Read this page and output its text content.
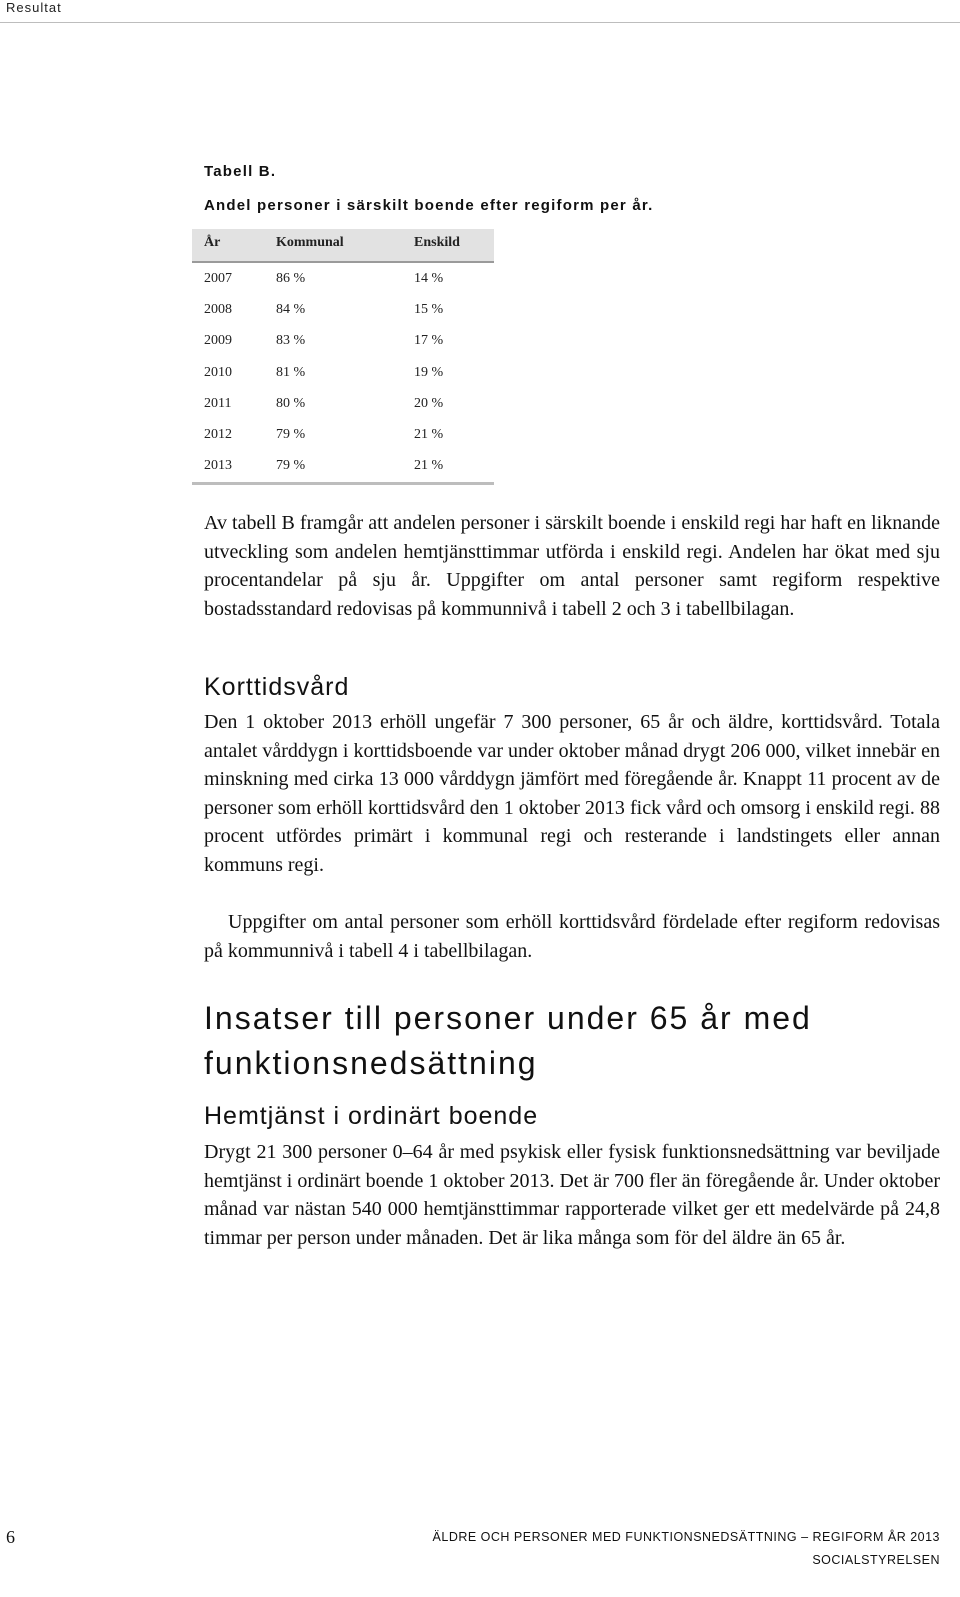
Resultat
Tabell B.
Andel personer i särskilt boende efter regiform per år.
År	Kommunal	Enskild
2007	86 %	14 %
2008	84 %	15 %
2009	83 %	17 %
2010	81 %	19 %
2011	80 %	20 %
2012	79 %	21 %
2013	79 %	21 %

Av tabell B framgår att andelen personer i särskilt boende i enskild regi har haft en liknande utveckling som andelen hemtjänsttimmar utförda i enskild regi. Andelen har ökat med sju procentandelar på sju år. Uppgifter om antal personer samt regiform respektive bostadsstandard redovisas på kommunnivå i tabell 2 och 3 i tabellbilagan.

Korttidsvård

Den 1 oktober 2013 erhöll ungefär 7 300 personer, 65 år och äldre, korttidsvård. Totala antalet vårddygn i korttidsboende var under oktober månad drygt 206 000, vilket innebär en minskning med cirka 13 000 vårddygn jämfört med föregående år. Knappt 11 procent av de personer som erhöll korttidsvård den 1 oktober 2013 fick vård och omsorg i enskild regi. 88 procent utfördes primärt i kommunal regi och resterande i landstingets eller annan kommuns regi.

Uppgifter om antal personer som erhöll korttidsvård fördelade efter regiform redovisas på kommunnivå i tabell 4 i tabellbilagan.

Insatser till personer under 65 år med funktionsnedsättning
Hemtjänst i ordinärt boende

Drygt 21 300 personer 0–64 år med psykisk eller fysisk funktionsnedsättning var beviljade hemtjänst i ordinärt boende 1 oktober 2013. Det är 700 fler än föregående år. Under oktober månad var nästan 540 000 hemtjänsttimmar rapporterade vilket ger ett medelvärde på 24,8 timmar per person under månaden. Det är lika många som för del äldre än 65 år.

6	ÄLDRE OCH PERSONER MED FUNKTIONSNEDSÄTTNING – REGIFORM ÅR 2013
SOCIALSTYRELSEN
